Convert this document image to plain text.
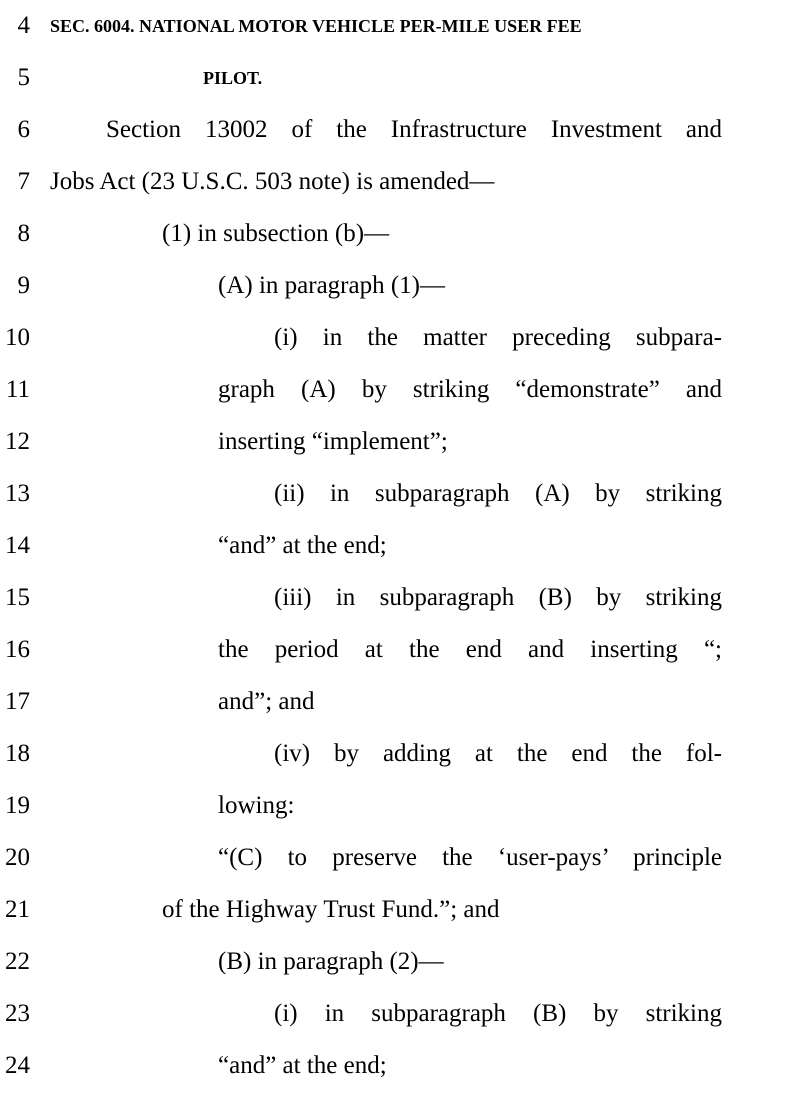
4 SEC. 6004. NATIONAL MOTOR VEHICLE PER-MILE USER FEE
5	PILOT.
6	Section 13002 of the Infrastructure Investment and
7 Jobs Act (23 U.S.C. 503 note) is amended—
8	(1) in subsection (b)—
9	(A) in paragraph (1)—
10	(i) in the matter preceding subpara-
11	graph (A) by striking “demonstrate” and
12	inserting “implement”;
13	(ii) in subparagraph (A) by striking
14	“and” at the end;
15	(iii) in subparagraph (B) by striking
16	the period at the end and inserting “;
17	and”; and
18	(iv) by adding at the end the fol-
19	lowing:
20	“(C) to preserve the ‘user-pays’ principle
21	of the Highway Trust Fund.”; and
22	(B) in paragraph (2)—
23	(i) in subparagraph (B) by striking
24	“and” at the end;
